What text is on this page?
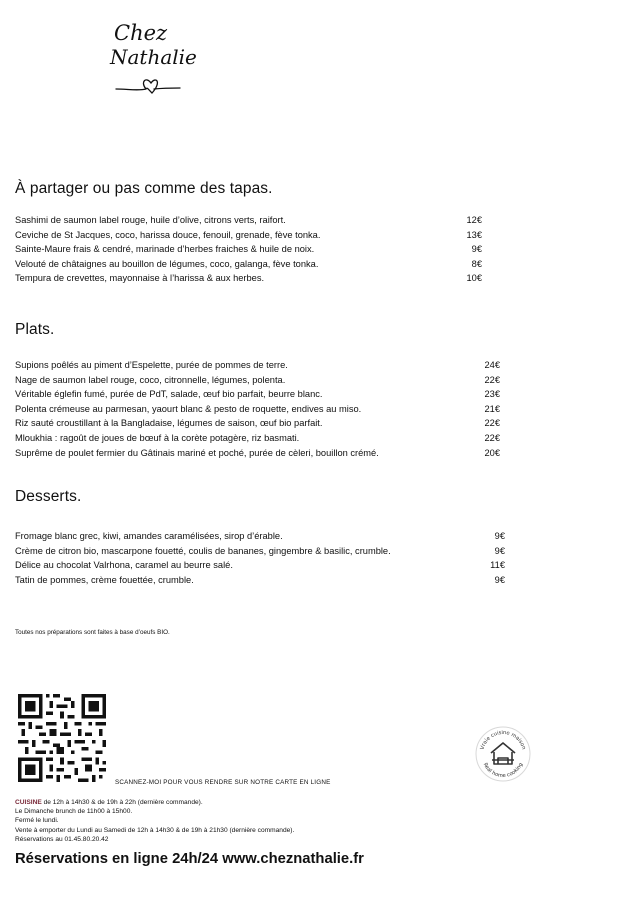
Chez
Nathalie
À partager ou pas comme des tapas.
Sashimi de saumon label rouge, huile d’olive, citrons verts, raifort.	12€
Ceviche de St Jacques, coco, harissa douce, fenouil, grenade, fève tonka.	13€
Sainte-Maure frais & cendré, marinade d’herbes fraiches & huile de noix.	9€
Velouté de châtaignes au bouillon de légumes, coco, galanga, fève tonka.	8€
Tempura de crevettes, mayonnaise à l’harissa & aux herbes.	10€
Plats.
Supions poêlés au piment d’Espelette, purée de pommes de terre.	24€
Nage de saumon label rouge, coco, citronnelle, légumes, polenta.	22€
Véritable églefin fumé, purée de PdT, salade, œuf bio parfait, beurre blanc.	23€
Polenta crémeuse au parmesan, yaourt blanc & pesto de roquette, endives au miso.	21€
Riz sauté croustillant à la Bangladaise, légumes de saison, œuf bio parfait.	22€
Mloukhia : ragoût de joues de bœuf à la corète potagère, riz basmati.	22€
Suprême de poulet fermier du Gâtinais mariné et poché, purée de cèleri, bouillon crémé.	20€
Desserts.
Fromage blanc grec, kiwi, amandes caramélisées, sirop d’érable.	9€
Crème de citron bio, mascarpone fouetté, coulis de bananes, gingembre & basilic, crumble.	9€
Délice au chocolat Valrhona, caramel au beurre salé.	11€
Tatin de pommes, crème fouettée, crumble.	9€
Toutes nos préparations sont faites à base d’oeufs BIO.
SCANNEZ-MOI POUR VOUS RENDRE SUR NOTRE CARTE EN LIGNE
CUISINE de 12h à 14h30 & de 19h à 22h (dernière commande).
Le Dimanche brunch de 11h00 à 15h00.
Fermé le lundi.
Vente à emporter du Lundi au Samedi de 12h à 14h30 & de 19h à 21h30 (dernière commande).
Réservations au 01.45.80.20.42
Réservations en ligne 24h/24 www.cheznathalie.fr
Vraie cuisine maison
Real home cooking
